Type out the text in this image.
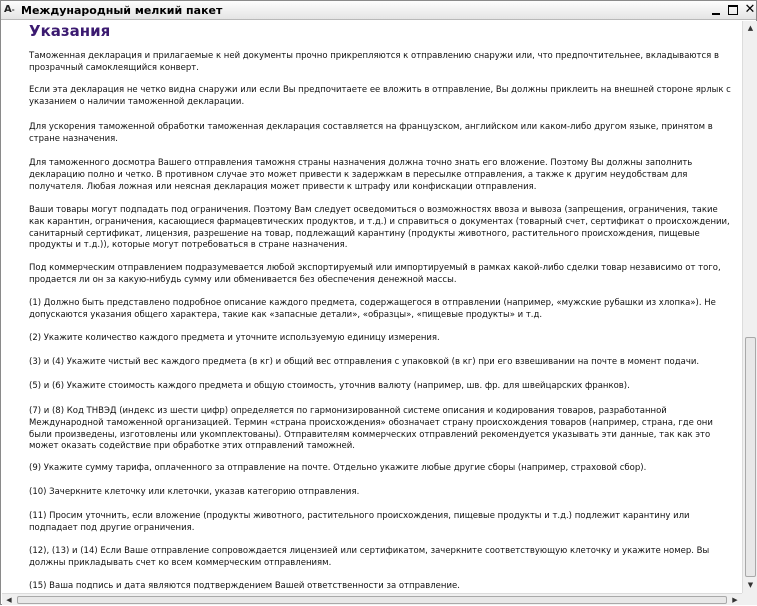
A- Международный мелкий пакет	✕
Указания
Таможенная декларация и прилагаемые к ней документы прочно прикрепляются к отправлению снаружи или, что предпочтительнее, вкладываются в прозрачный самоклеящийся конверт.
Если эта декларация не четко видна снаружи или если Вы предпочитаете ее вложить в отправление, Вы должны приклеить на внешней стороне ярлык с указанием о наличии таможенной декларации.
Для ускорения таможенной обработки таможенная декларация составляется на французском, английском или каком-либо другом языке, принятом в стране назначения.
Для таможенного досмотра Вашего отправления таможня страны назначения должна точно знать его вложение. Поэтому Вы должны заполнить декларацию полно и четко. В противном случае это может привести к задержкам в пересылке отправления, а также к другим неудобствам для получателя. Любая ложная или неясная декларация может привести к штрафу или конфискации отправления.
Ваши товары могут подпадать под ограничения. Поэтому Вам следует осведомиться о возможностях ввоза и вывоза (запрещения, ограничения, такие как карантин, ограничения, касающиеся фармацевтических продуктов, и т.д.) и справиться о документах (товарный счет, сертификат о происхождении, санитарный сертификат, лицензия, разрешение на товар, подлежащий карантину (продукты животного, растительного происхождения, пищевые продукты и т.д.)), которые могут потребоваться в стране назначения.
Под коммерческим отправлением подразумевается любой экспортируемый или импортируемый в рамках какой-либо сделки товар независимо от того, продается ли он за какую-нибудь сумму или обменивается без обеспечения денежной массы.
(1) Должно быть представлено подробное описание каждого предмета, содержащегося в отправлении (например, «мужские рубашки из хлопка»). Не допускаются указания общего характера, такие как «запасные детали», «образцы», «пищевые продукты» и т.д.
(2) Укажите количество каждого предмета и уточните используемую единицу измерения.
(3) и (4) Укажите чистый вес каждого предмета (в кг) и общий вес отправления с упаковкой (в кг) при его взвешивании на почте в момент подачи.
(5) и (6) Укажите стоимость каждого предмета и общую стоимость, уточнив валюту (например, шв. фр. для швейцарских франков).
(7) и (8) Код ТНВЭД (индекс из шести цифр) определяется по гармонизированной системе описания и кодирования товаров, разработанной Международной таможенной организацией. Термин «страна происхождения» обозначает страну происхождения товаров (например, страна, где они были произведены, изготовлены или укомплектованы). Отправителям коммерческих отправлений рекомендуется указывать эти данные, так как это может оказать содействие при обработке этих отправлений таможней.
(9) Укажите сумму тарифа, оплаченного за отправление на почте. Отдельно укажите любые другие сборы (например, страховой сбор).
(10) Зачеркните клеточку или клеточки, указав категорию отправления.
(11) Просим уточнить, если вложение (продукты животного, растительного происхождения, пищевые продукты и т.д.) подлежит карантину или подпадает под другие ограничения.
(12), (13) и (14) Если Ваше отправление сопровождается лицензией или сертификатом, зачеркните соответствующую клеточку и укажите номер. Вы должны прикладывать счет ко всем коммерческим отправлениям.
(15) Ваша подпись и дата являются подтверждением Вашей ответственности за отправление.
▲
▼
◀	▶
